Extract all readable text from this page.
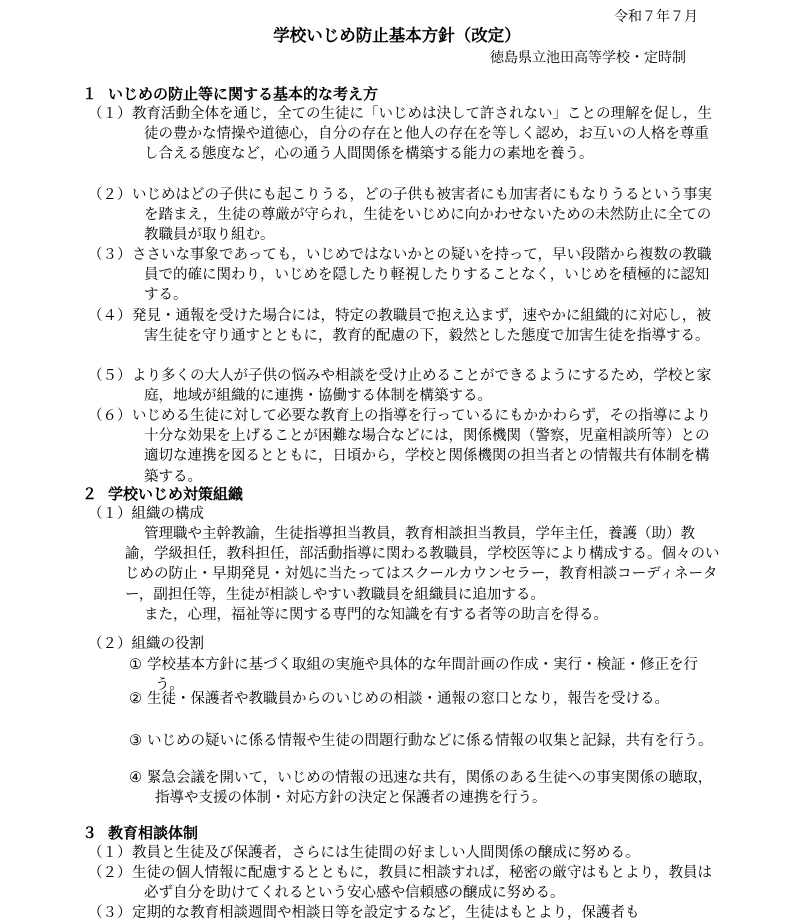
令和７年７月
学校いじめ防止基本方針（改定）
徳島県立池田高等学校・定時制
１ いじめの防止等に関する基本的な考え方
（１） 教育活動全体を通じ，全ての生徒に「いじめは決して許されない」ことの理解を促し，生徒の豊かな情操や道徳心，自分の存在と他人の存在を等しく認め，お互いの人格を尊重し合える態度など，心の通う人間関係を構築する能力の素地を養う。
（２） いじめはどの子供にも起こりうる，どの子供も被害者にも加害者にもなりうるという事実を踏まえ，生徒の尊厳が守られ，生徒をいじめに向かわせないための未然防止に全ての教職員が取り組む。
（３） ささいな事象であっても，いじめではないかとの疑いを持って，早い段階から複数の教職員で的確に関わり，いじめを隠したり軽視したりすることなく，いじめを積極的に認知する。
（４） 発見・通報を受けた場合には，特定の教職員で抱え込まず，速やかに組織的に対応し，被害生徒を守り通すとともに，教育的配慮の下，毅然とした態度で加害生徒を指導する。
（５） より多くの大人が子供の悩みや相談を受け止めることができるようにするため，学校と家庭，地域が組織的に連携・協働する体制を構築する。
（６） いじめる生徒に対して必要な教育上の指導を行っているにもかかわらず，その指導により十分な効果を上げることが困難な場合などには，関係機関（警察，児童相談所等）との適切な連携を図るとともに，日頃から，学校と関係機関の担当者との情報共有体制を構築する。
２ 学校いじめ対策組織
（１）組織の構成
管理職や主幹教諭，生徒指導担当教員，教育相談担当教員，学年主任，養護（助）教諭，学級担任，教科担任，部活動指導に関わる教職員，学校医等により構成する。個々のいじめの防止・早期発見・対処に当たってはスクールカウンセラー，教育相談コーディネーター，副担任等，生徒が相談しやすい教職員を組織員に追加する。
また，心理，福祉等に関する専門的な知識を有する者等の助言を得る。
（２）組織の役割
① 学校基本方針に基づく取組の実施や具体的な年間計画の作成・実行・検証・修正を行う。
② 生徒・保護者や教職員からのいじめの相談・通報の窓口となり，報告を受ける。
③ いじめの疑いに係る情報や生徒の問題行動などに係る情報の収集と記録，共有を行う。
④ 緊急会議を開いて，いじめの情報の迅速な共有，関係のある生徒への事実関係の聴取，指導や支援の体制・対応方針の決定と保護者の連携を行う。
３ 教育相談体制
（１） 教員と生徒及び保護者，さらには生徒間の好ましい人間関係の醸成に努める。
（２） 生徒の個人情報に配慮するとともに，教員に相談すれば，秘密の厳守はもとより，教員は必ず自分を助けてくれるという安心感や信頼感の醸成に努める。
（３） 定期的な教育相談週間や相談日等を設定するなど，生徒はもとより，保護者も
